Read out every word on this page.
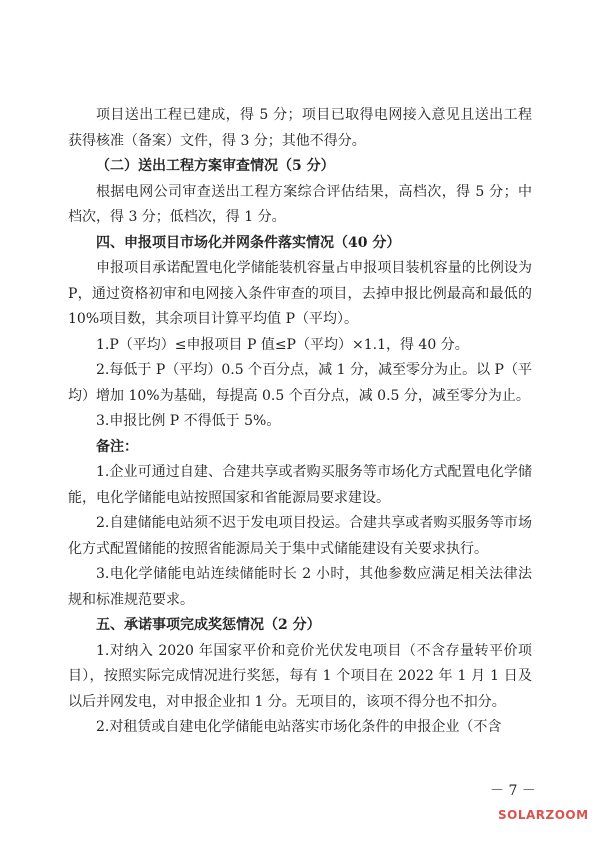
项目送出工程已建成，得 5 分；项目已取得电网接入意见且送出工程获得核准（备案）文件，得 3 分；其他不得分。

（二）送出工程方案审查情况（5 分）

根据电网公司审查送出工程方案综合评估结果，高档次，得 5 分；中档次，得 3 分；低档次，得 1 分。

四、申报项目市场化并网条件落实情况（40 分）

申报项目承诺配置电化学储能装机容量占申报项目装机容量的比例设为 P，通过资格初审和电网接入条件审查的项目，去掉申报比例最高和最低的 10%项目数，其余项目计算平均值 P（平均）。

1.P（平均）≤申报项目 P 值≤P（平均）×1.1，得 40 分。

2.每低于 P（平均）0.5 个百分点，减 1 分，减至零分为止。以 P（平均）增加 10%为基础，每提高 0.5 个百分点，减 0.5 分，减至零分为止。

3.申报比例 P 不得低于 5%。

备注：

1.企业可通过自建、合建共享或者购买服务等市场化方式配置电化学储能，电化学储能电站按照国家和省能源局要求建设。

2.自建储能电站须不迟于发电项目投运。合建共享或者购买服务等市场化方式配置储能的按照省能源局关于集中式储能建设有关要求执行。

3.电化学储能电站连续储能时长 2 小时，其他参数应满足相关法律法规和标准规范要求。

五、承诺事项完成奖惩情况（2 分）

1.对纳入 2020 年国家平价和竞价光伏发电项目（不含存量转平价项目），按照实际完成情况进行奖惩，每有 1 个项目在 2022 年 1 月 1 日及以后并网发电，对申报企业扣 1 分。无项目的，该项不得分也不扣分。

2.对租赁或自建电化学储能电站落实市场化条件的申报企业（不含

－ 7 －
SOLARZOOM
